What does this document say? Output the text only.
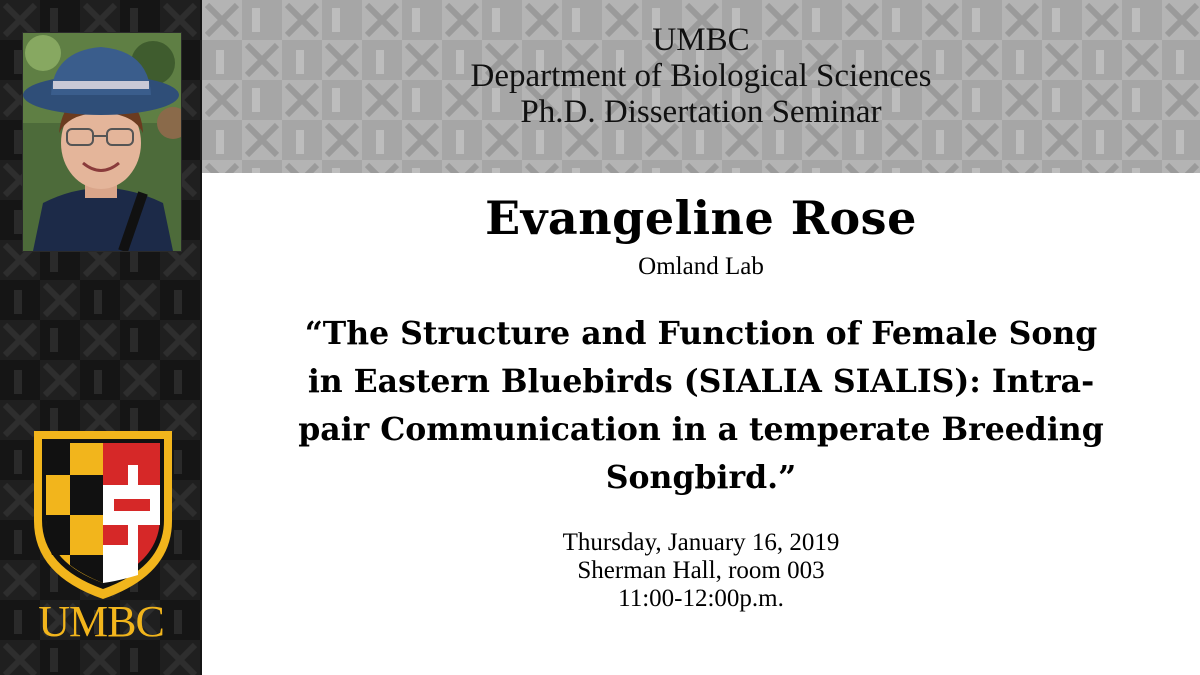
UMBC
UMBC
Department of Biological Sciences
Ph.D. Dissertation Seminar
Evangeline Rose
Omland Lab
“The Structure and Function of Female Song
in Eastern Bluebirds (SIALIA SIALIS): Intra-
pair Communication in a temperate Breeding
Songbird.”
Thursday, January 16, 2019
Sherman Hall, room 003
11:00-12:00p.m.
